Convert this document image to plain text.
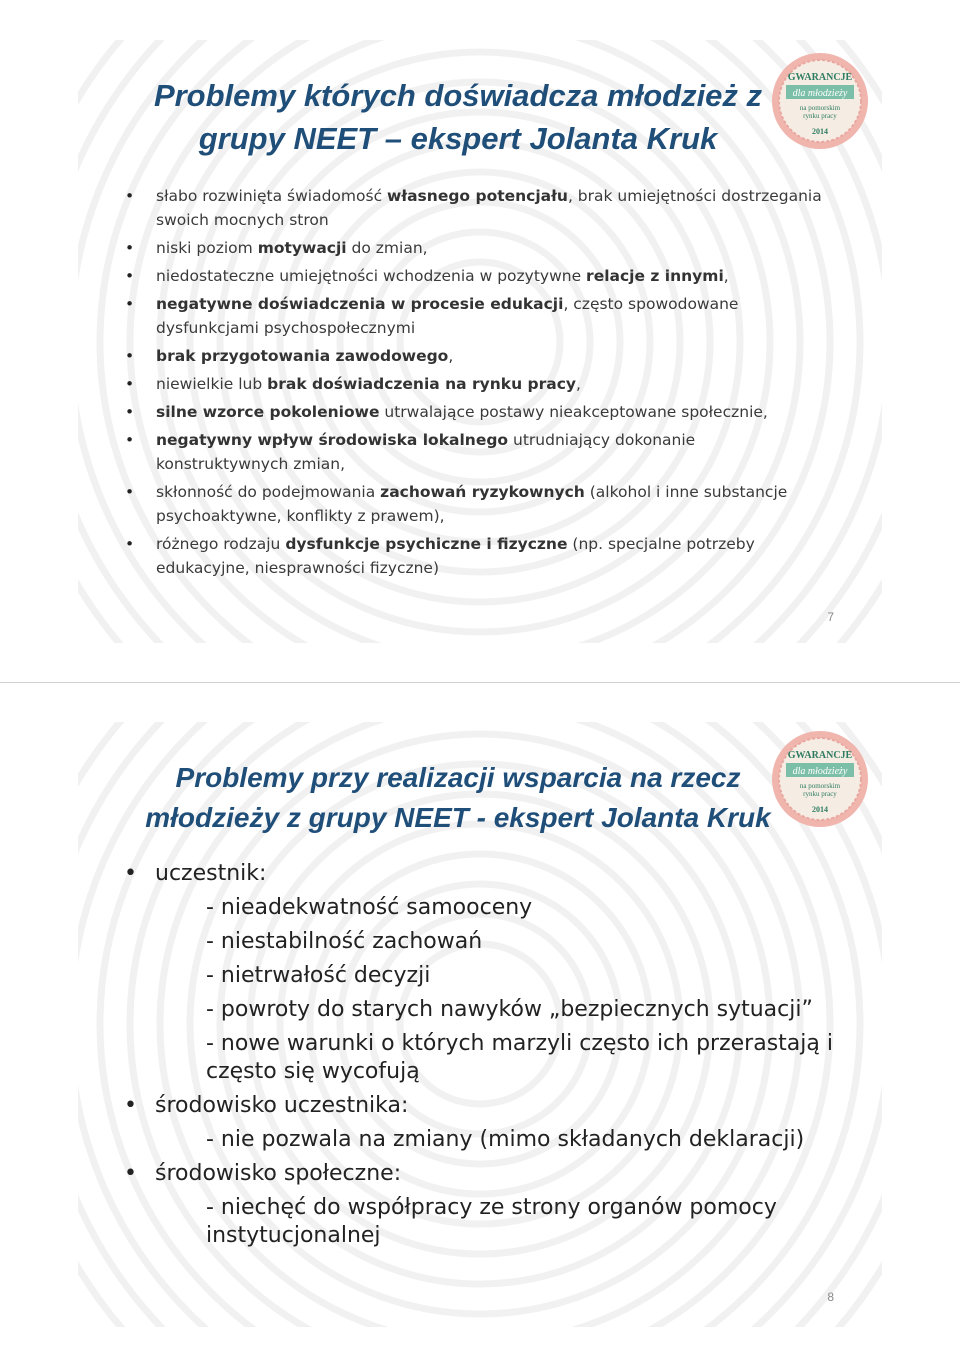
GWARANCJE
dla młodzieży
na pomorskim
rynku pracy
2014
Problemy których doświadcza młodzież z
grupy NEET – ekspert Jolanta Kruk
• słabo rozwinięta świadomość własnego potencjału, brak umiejętności dostrzegania swoich mocnych stron
• niski poziom motywacji do zmian,
• niedostateczne umiejętności wchodzenia w pozytywne relacje z innymi,
• negatywne doświadczenia w procesie edukacji, często spowodowane dysfunkcjami psychospołecznymi
• brak przygotowania zawodowego,
• niewielkie lub brak doświadczenia na rynku pracy,
• silne wzorce pokoleniowe utrwalające postawy nieakceptowane społecznie,
• negatywny wpływ środowiska lokalnego utrudniający dokonanie konstruktywnych zmian,
• skłonność do podejmowania zachowań ryzykownych (alkohol i inne substancje psychoaktywne, konflikty z prawem),
• różnego rodzaju dysfunkcje psychiczne i fizyczne (np. specjalne potrzeby edukacyjne, niesprawności fizyczne)
7
GWARANCJE
dla młodzieży
na pomorskim
rynku pracy
2014
Problemy przy realizacji wsparcia na rzecz
młodzieży z grupy NEET - ekspert Jolanta Kruk
• uczestnik:
- nieadekwatność samooceny
- niestabilność zachowań
- nietrwałość decyzji
- powroty do starych nawyków „bezpiecznych sytuacji”
- nowe warunki o których marzyli często ich przerastają i często się wycofują
• środowisko uczestnika:
- nie pozwala na zmiany (mimo składanych deklaracji)
• środowisko społeczne:
- niechęć do współpracy ze strony organów pomocy instytucjonalnej
8
